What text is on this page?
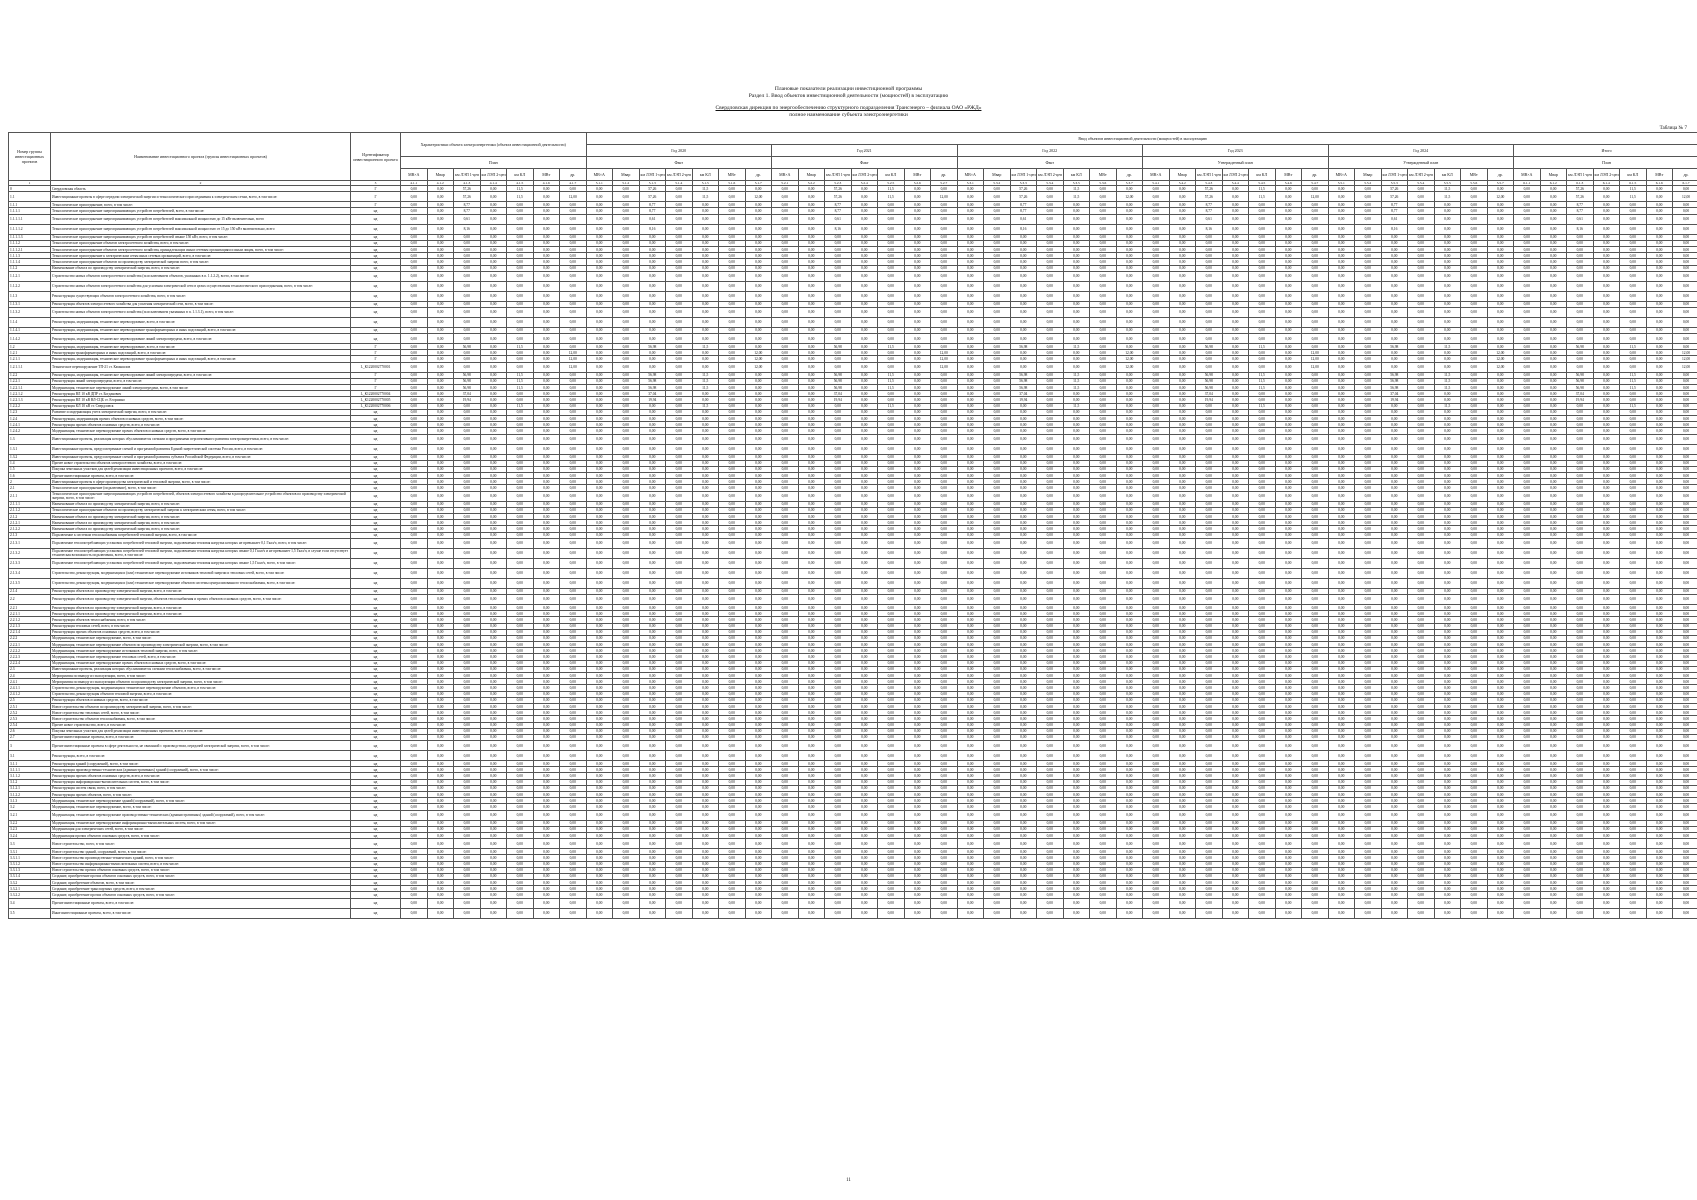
Плановые показатели реализации инвестиционной программы
Раздел 1. Ввод объектов инвестиционной деятельности (мощностей) в эксплуатацию
Свердловская дирекция по энергообеспечению структурного подразделения Трансэнерго – филиала ОАО «РЖД»
полное наименование субъекта электроэнергетики
Таблица № 7
Номер группы инвестиционных проектов	Наименование инвестиционного проекта (группы инвестиционных проектов)	Идентификатор инвестиционного проекта	Характеристики объекта электроэнергетики (объекта инвестиционной деятельности)							Ввод объектов инвестиционной деятельности (мощностей) в эксплуатацию																																									
										Год 2020							Год 2021							Год 2022							Год 2023							Год 2024							Итого						
			План							Факт							Факт							Факт							Утвержденный план							Утвержденный план							План						
			МВ×А	Мвар	км ЛЭП 1-цеп	км ЛЭП 2-цеп	км КЛ	МВт	др.	МВ×А	Мвар	км ЛЭП 1-цеп	км ЛЭП 2-цеп	км КЛ	МВт	др.	МВ×А	Мвар	км ЛЭП 1-цеп	км ЛЭП 2-цеп	км КЛ	МВт	др.	МВ×А	Мвар	км ЛЭП 1-цеп	км ЛЭП 2-цеп	км КЛ	МВт	др.	МВ×А	Мвар	км ЛЭП 1-цеп	км ЛЭП 2-цеп	км КЛ	МВт	др.	МВ×А	Мвар	км ЛЭП 1-цеп	км ЛЭП 2-цеп	км КЛ	МВт	др.	МВ×А	Мвар	км ЛЭП 1-цеп	км ЛЭП 2-цеп	км КЛ	МВт	др.
1	2	3	4.1.1	4.1.2	4.1.3	4.1.4	4.1.5	4.1.6	4.1.7	5.1.1	5.1.2	5.1.3	5.1.4	5.1.5	5.1.6	5.1.7	5.2.1	5.2.2	5.2.3	5.2.4	5.2.5	5.2.6	5.2.7	5.3.1	5.3.2	5.3.3	5.3.4	5.3.5	5.3.6	5.3.7	5.4.1	5.4.2	5.4.3	5.4.4	5.4.5	5.4.6	5.4.7	5.5.1	5.5.2	5.5.3	5.5.4	5.5.5	5.5.6	5.5.7	6.1.1	6.1.2	6.1.3	6.1.4	6.1.5	6.1.6	6.1.7
0	Свердловская область	Г	0,00	0,00	57,26	0,00	11,5	0,00	0,00	0,00	0,00	57,26	0,00	11,5	0,00	0,00	0,00	0,00	57,26	0,00	11,5	0,00	0,00	0,00	0,00	57,26	0,00	11,5	0,00	0,00	0,00	0,00	57,26	0,00	11,5	0,00	0,00	0,00	0,00	57,26	0,00	11,5	0,00	0,00	0,00	0,00	57,26	0,00	11,5	0,00	0,00
1.1	Инвестиционные проекты в сфере передачи электрической энергии и технологического присоединения к электрическим сетям, всего, в том числе:	Г	0,00	0,00	57,26	0,00	11,5	0,00	12,00	0,00	0,00	57,26	0,00	11,5	0,00	12,00	0,00	0,00	57,26	0,00	11,5	0,00	12,00	0,00	0,00	57,26	0,00	11,5	0,00	12,00	0,00	0,00	57,26	0,00	11,5	0,00	12,00	0,00	0,00	57,26	0,00	11,5	0,00	12,00	0,00	0,00	57,26	0,00	11,5	0,00	12,00
1.1.1	Технологическое присоединение, всего, в том числе:	Г	0,00	0,00	8,77	0,00	0,00	0,00	0,00	0,00	0,00	8,77	0,00	0,00	0,00	0,00	0,00	0,00	8,77	0,00	0,00	0,00	0,00	0,00	0,00	8,77	0,00	0,00	0,00	0,00	0,00	0,00	8,77	0,00	0,00	0,00	0,00	0,00	0,00	8,77	0,00	0,00	0,00	0,00	0,00	0,00	8,77	0,00	0,00	0,00	0,00
1.1.1.1	Технологическое присоединение энергопринимающих устройств потребителей, всего, в том числе:	нд	0,00	0,00	8,77	0,00	0,00	0,00	0,00	0,00	0,00	8,77	0,00	0,00	0,00	0,00	0,00	0,00	8,77	0,00	0,00	0,00	0,00	0,00	0,00	8,77	0,00	0,00	0,00	0,00	0,00	0,00	8,77	0,00	0,00	0,00	0,00	0,00	0,00	8,77	0,00	0,00	0,00	0,00	0,00	0,00	8,77	0,00	0,00	0,00	0,00
1.1.1.1.1	Технологическое присоединение энергопринимающих устройств потребителей максимальной мощностью до 15 кВт включительно, всего	нд	0,00	0,00	0,61	0,00	0,00	0,00	0,00	0,00	0,00	0,61	0,00	0,00	0,00	0,00	0,00	0,00	0,61	0,00	0,00	0,00	0,00	0,00	0,00	0,61	0,00	0,00	0,00	0,00	0,00	0,00	0,61	0,00	0,00	0,00	0,00	0,00	0,00	0,61	0,00	0,00	0,00	0,00	0,00	0,00	0,61	0,00	0,00	0,00	0,00
1.1.1.1.2	Технологическое присоединение энергопринимающих устройств потребителей максимальной мощностью от 15 до 150 кВт включительно, всего	нд	0,00	0,00	8,16	0,00	0,00	0,00	0,00	0,00	0,00	8,16	0,00	0,00	0,00	0,00	0,00	0,00	8,16	0,00	0,00	0,00	0,00	0,00	0,00	8,16	0,00	0,00	0,00	0,00	0,00	0,00	8,16	0,00	0,00	0,00	0,00	0,00	0,00	8,16	0,00	0,00	0,00	0,00	0,00	0,00	8,16	0,00	0,00	0,00	0,00
1.1.1.1.3	Технологическое присоединение энергопринимающих устройств потребителей свыше 150 кВт, всего, в том числе:	нд	0,00	0,00	0,00	0,00	0,00	0,00	0,00	0,00	0,00	0,00	0,00	0,00	0,00	0,00	0,00	0,00	0,00	0,00	0,00	0,00	0,00	0,00	0,00	0,00	0,00	0,00	0,00	0,00	0,00	0,00	0,00	0,00	0,00	0,00	0,00	0,00	0,00	0,00	0,00	0,00	0,00	0,00	0,00	0,00	0,00	0,00	0,00	0,00	0,00
1.1.1.2	Технологическое присоединение объектов электросетевого хозяйства, всего, в том числе:	нд	0,00	0,00	0,00	0,00	0,00	0,00	0,00	0,00	0,00	0,00	0,00	0,00	0,00	0,00	0,00	0,00	0,00	0,00	0,00	0,00	0,00	0,00	0,00	0,00	0,00	0,00	0,00	0,00	0,00	0,00	0,00	0,00	0,00	0,00	0,00	0,00	0,00	0,00	0,00	0,00	0,00	0,00	0,00	0,00	0,00	0,00	0,00	0,00	0,00
1.1.1.2.1	Технологическое присоединение объектов электросетевого хозяйства, принадлежащих иным сетевым организациям и иным лицам, всего, в том числе:	нд	0,00	0,00	0,00	0,00	0,00	0,00	0,00	0,00	0,00	0,00	0,00	0,00	0,00	0,00	0,00	0,00	0,00	0,00	0,00	0,00	0,00	0,00	0,00	0,00	0,00	0,00	0,00	0,00	0,00	0,00	0,00	0,00	0,00	0,00	0,00	0,00	0,00	0,00	0,00	0,00	0,00	0,00	0,00	0,00	0,00	0,00	0,00	0,00	0,00
1.1.1.3	Технологическое присоединение к электрическим сетям иных сетевых организаций, всего, в том числе:	нд	0,00	0,00	0,00	0,00	0,00	0,00	0,00	0,00	0,00	0,00	0,00	0,00	0,00	0,00	0,00	0,00	0,00	0,00	0,00	0,00	0,00	0,00	0,00	0,00	0,00	0,00	0,00	0,00	0,00	0,00	0,00	0,00	0,00	0,00	0,00	0,00	0,00	0,00	0,00	0,00	0,00	0,00	0,00	0,00	0,00	0,00	0,00	0,00	0,00
1.1.1.4	Технологическое присоединение объектов по производству электрической энергии всего, в том числе:	нд	0,00	0,00	0,00	0,00	0,00	0,00	0,00	0,00	0,00	0,00	0,00	0,00	0,00	0,00	0,00	0,00	0,00	0,00	0,00	0,00	0,00	0,00	0,00	0,00	0,00	0,00	0,00	0,00	0,00	0,00	0,00	0,00	0,00	0,00	0,00	0,00	0,00	0,00	0,00	0,00	0,00	0,00	0,00	0,00	0,00	0,00	0,00	0,00	0,00
1.1.2	Наименование объекта по производству электрической энергии, всего, в том числе:	нд	0,00	0,00	0,00	0,00	0,00	0,00	0,00	0,00	0,00	0,00	0,00	0,00	0,00	0,00	0,00	0,00	0,00	0,00	0,00	0,00	0,00	0,00	0,00	0,00	0,00	0,00	0,00	0,00	0,00	0,00	0,00	0,00	0,00	0,00	0,00	0,00	0,00	0,00	0,00	0,00	0,00	0,00	0,00	0,00	0,00	0,00	0,00	0,00	0,00
1.1.2.1	Строительство новых объектов электросетевого хозяйства (за исключением объектов, указанных в п. 1.1.2.2), всего, в том числе:	нд	0,00	0,00	0,00	0,00	0,00	0,00	0,00	0,00	0,00	0,00	0,00	0,00	0,00	0,00	0,00	0,00	0,00	0,00	0,00	0,00	0,00	0,00	0,00	0,00	0,00	0,00	0,00	0,00	0,00	0,00	0,00	0,00	0,00	0,00	0,00	0,00	0,00	0,00	0,00	0,00	0,00	0,00	0,00	0,00	0,00	0,00	0,00	0,00	0,00
1.1.2.2	Строительство новых объектов электросетевого хозяйства для усиления электрической сети в целях осуществления технологического присоединения, всего, в том числе:	нд	0,00	0,00	0,00	0,00	0,00	0,00	0,00	0,00	0,00	0,00	0,00	0,00	0,00	0,00	0,00	0,00	0,00	0,00	0,00	0,00	0,00	0,00	0,00	0,00	0,00	0,00	0,00	0,00	0,00	0,00	0,00	0,00	0,00	0,00	0,00	0,00	0,00	0,00	0,00	0,00	0,00	0,00	0,00	0,00	0,00	0,00	0,00	0,00	0,00
1.1.3	Реконструкция существующих объектов электросетевого хозяйства, всего, в том числе:	нд	0,00	0,00	0,00	0,00	0,00	0,00	0,00	0,00	0,00	0,00	0,00	0,00	0,00	0,00	0,00	0,00	0,00	0,00	0,00	0,00	0,00	0,00	0,00	0,00	0,00	0,00	0,00	0,00	0,00	0,00	0,00	0,00	0,00	0,00	0,00	0,00	0,00	0,00	0,00	0,00	0,00	0,00	0,00	0,00	0,00	0,00	0,00	0,00	0,00
1.1.3.1	Реконструкция объектов электросетевого хозяйства для усиления электрической сети, всего, в том числе:	нд	0,00	0,00	0,00	0,00	0,00	0,00	0,00	0,00	0,00	0,00	0,00	0,00	0,00	0,00	0,00	0,00	0,00	0,00	0,00	0,00	0,00	0,00	0,00	0,00	0,00	0,00	0,00	0,00	0,00	0,00	0,00	0,00	0,00	0,00	0,00	0,00	0,00	0,00	0,00	0,00	0,00	0,00	0,00	0,00	0,00	0,00	0,00	0,00	0,00
1.1.3.2	Строительство новых объектов электросетевого хозяйства (за исключением указанных в п. 1.1.3.1), всего, в том числе:	нд	0,00	0,00	0,00	0,00	0,00	0,00	0,00	0,00	0,00	0,00	0,00	0,00	0,00	0,00	0,00	0,00	0,00	0,00	0,00	0,00	0,00	0,00	0,00	0,00	0,00	0,00	0,00	0,00	0,00	0,00	0,00	0,00	0,00	0,00	0,00	0,00	0,00	0,00	0,00	0,00	0,00	0,00	0,00	0,00	0,00	0,00	0,00	0,00	0,00
1.1.4	Реконструкция, модернизация, техническое перевооружение, всего, в том числе:	нд	0,00	0,00	0,00	0,00	0,00	0,00	0,00	0,00	0,00	0,00	0,00	0,00	0,00	0,00	0,00	0,00	0,00	0,00	0,00	0,00	0,00	0,00	0,00	0,00	0,00	0,00	0,00	0,00	0,00	0,00	0,00	0,00	0,00	0,00	0,00	0,00	0,00	0,00	0,00	0,00	0,00	0,00	0,00	0,00	0,00	0,00	0,00	0,00	0,00
1.1.4.1	Реконструкция, модернизация, техническое перевооружение трансформаторных и иных подстанций, всего, в том числе:	нд	0,00	0,00	0,00	0,00	0,00	0,00	0,00	0,00	0,00	0,00	0,00	0,00	0,00	0,00	0,00	0,00	0,00	0,00	0,00	0,00	0,00	0,00	0,00	0,00	0,00	0,00	0,00	0,00	0,00	0,00	0,00	0,00	0,00	0,00	0,00	0,00	0,00	0,00	0,00	0,00	0,00	0,00	0,00	0,00	0,00	0,00	0,00	0,00	0,00
1.1.4.2	Реконструкция, модернизация, техническое перевооружение линий электропередачи, всего, в том числе:	нд	0,00	0,00	0,00	0,00	0,00	0,00	0,00	0,00	0,00	0,00	0,00	0,00	0,00	0,00	0,00	0,00	0,00	0,00	0,00	0,00	0,00	0,00	0,00	0,00	0,00	0,00	0,00	0,00	0,00	0,00	0,00	0,00	0,00	0,00	0,00	0,00	0,00	0,00	0,00	0,00	0,00	0,00	0,00	0,00	0,00	0,00	0,00	0,00	0,00
1.2	Реконструкция, модернизация, техническое перевооружение, всего, в том числе:	Г	0,00	0,00	56,98	0,00	11,5	0,00	0,00	0,00	0,00	56,98	0,00	11,5	0,00	0,00	0,00	0,00	56,98	0,00	11,5	0,00	0,00	0,00	0,00	56,98	0,00	11,5	0,00	0,00	0,00	0,00	56,98	0,00	11,5	0,00	0,00	0,00	0,00	56,98	0,00	11,5	0,00	0,00	0,00	0,00	56,98	0,00	11,5	0,00	0,00
1.2.1	Реконструкция трансформаторных и иных подстанций, всего, в том числе:	Г	0,00	0,00	0,00	0,00	0,00	0,00	12,00	0,00	0,00	0,00	0,00	0,00	0,00	12,00	0,00	0,00	0,00	0,00	0,00	0,00	12,00	0,00	0,00	0,00	0,00	0,00	0,00	12,00	0,00	0,00	0,00	0,00	0,00	0,00	12,00	0,00	0,00	0,00	0,00	0,00	0,00	12,00	0,00	0,00	0,00	0,00	0,00	0,00	12,00
1.2.1.1	Реконструкция, модернизация, техническое перевооружение трансформаторных и иных подстанций, всего, в том числе:	Г	0,00	0,00	0,00	0,00	0,00	0,00	12,00	0,00	0,00	0,00	0,00	0,00	0,00	12,00	0,00	0,00	0,00	0,00	0,00	0,00	12,00	0,00	0,00	0,00	0,00	0,00	0,00	12,00	0,00	0,00	0,00	0,00	0,00	0,00	12,00	0,00	0,00	0,00	0,00	0,00	0,00	12,00	0,00	0,00	0,00	0,00	0,00	0,00	12,00
1.2.1.1.1	Техническое перевооружение ТП-21 ст. Камышлов	L_К1220002770001	0,00	0,00	0,00	0,00	0,00	0,00	12,00	0,00	0,00	0,00	0,00	0,00	0,00	12,00	0,00	0,00	0,00	0,00	0,00	0,00	12,00	0,00	0,00	0,00	0,00	0,00	0,00	12,00	0,00	0,00	0,00	0,00	0,00	0,00	12,00	0,00	0,00	0,00	0,00	0,00	0,00	12,00	0,00	0,00	0,00	0,00	0,00	0,00	12,00
1.2.2	Реконструкция, модернизация, техническое перевооружение линий электропередачи, всего, в том числе:	Г	0,00	0,00	56,98	0,00	11,5	0,00	0,00	0,00	0,00	56,98	0,00	11,5	0,00	0,00	0,00	0,00	56,98	0,00	11,5	0,00	0,00	0,00	0,00	56,98	0,00	11,5	0,00	0,00	0,00	0,00	56,98	0,00	11,5	0,00	0,00	0,00	0,00	56,98	0,00	11,5	0,00	0,00	0,00	0,00	56,98	0,00	11,5	0,00	0,00
1.2.2.1	Реконструкция линий электропередачи, всего, в том числе:	Г	0,00	0,00	56,98	0,00	11,5	0,00	0,00	0,00	0,00	56,98	0,00	11,5	0,00	0,00	0,00	0,00	56,98	0,00	11,5	0,00	0,00	0,00	0,00	56,98	0,00	11,5	0,00	0,00	0,00	0,00	56,98	0,00	11,5	0,00	0,00	0,00	0,00	56,98	0,00	11,5	0,00	0,00	0,00	0,00	56,98	0,00	11,5	0,00	0,00
1.2.2.1.1	Модернизация, техническое перевооружение линий электропередачи, всего, в том числе:	Г	0,00	0,00	56,98	0,00	11,5	0,00	0,00	0,00	0,00	56,98	0,00	11,5	0,00	0,00	0,00	0,00	56,98	0,00	11,5	0,00	0,00	0,00	0,00	56,98	0,00	11,5	0,00	0,00	0,00	0,00	56,98	0,00	11,5	0,00	0,00	0,00	0,00	56,98	0,00	11,5	0,00	0,00	0,00	0,00	56,98	0,00	11,5	0,00	0,00
1.2.2.1.2	Реконструкция ВЛ 10 кВ ДПР ст. Богданович	L_К1220002770004	0,00	0,00	37,04	0,00	0,00	0,00	0,00	0,00	0,00	37,04	0,00	0,00	0,00	0,00	0,00	0,00	37,04	0,00	0,00	0,00	0,00	0,00	0,00	37,04	0,00	0,00	0,00	0,00	0,00	0,00	37,04	0,00	0,00	0,00	0,00	0,00	0,00	37,04	0,00	0,00	0,00	0,00	0,00	0,00	37,04	0,00	0,00	0,00	0,00
1.2.2.1.3	Реконструкция ВЛ 10 кВ ВЛ-СЦБ ст. Егоршино	L_К1220002770005	0,00	0,00	19,94	0,00	0,00	0,00	0,00	0,00	0,00	19,94	0,00	0,00	0,00	0,00	0,00	0,00	19,94	0,00	0,00	0,00	0,00	0,00	0,00	19,94	0,00	0,00	0,00	0,00	0,00	0,00	19,94	0,00	0,00	0,00	0,00	0,00	0,00	19,94	0,00	0,00	0,00	0,00	0,00	0,00	19,94	0,00	0,00	0,00	0,00
1.2.2.2	Реконструкция КЛ 10 кВ ст. Свердловск	L_К1220002770006	0,00	0,00	0,00	0,00	11,5	0,00	0,00	0,00	0,00	0,00	0,00	11,5	0,00	0,00	0,00	0,00	0,00	0,00	11,5	0,00	0,00	0,00	0,00	0,00	0,00	11,5	0,00	0,00	0,00	0,00	0,00	0,00	11,5	0,00	0,00	0,00	0,00	0,00	0,00	11,5	0,00	0,00	0,00	0,00	0,00	0,00	11,5	0,00	0,00
1.2.3	Развитие и модернизация учета электрической энергии, всего, в том числе:	нд	0,00	0,00	0,00	0,00	0,00	0,00	0,00	0,00	0,00	0,00	0,00	0,00	0,00	0,00	0,00	0,00	0,00	0,00	0,00	0,00	0,00	0,00	0,00	0,00	0,00	0,00	0,00	0,00	0,00	0,00	0,00	0,00	0,00	0,00	0,00	0,00	0,00	0,00	0,00	0,00	0,00	0,00	0,00	0,00	0,00	0,00	0,00	0,00	0,00
1.2.4	Реконструкция, модернизация прочих объектов основных средств, всего, в том числе:	нд	0,00	0,00	0,00	0,00	0,00	0,00	0,00	0,00	0,00	0,00	0,00	0,00	0,00	0,00	0,00	0,00	0,00	0,00	0,00	0,00	0,00	0,00	0,00	0,00	0,00	0,00	0,00	0,00	0,00	0,00	0,00	0,00	0,00	0,00	0,00	0,00	0,00	0,00	0,00	0,00	0,00	0,00	0,00	0,00	0,00	0,00	0,00	0,00	0,00
1.2.4.1	Реконструкция прочих объектов основных средств, всего, в том числе:	нд	0,00	0,00	0,00	0,00	0,00	0,00	0,00	0,00	0,00	0,00	0,00	0,00	0,00	0,00	0,00	0,00	0,00	0,00	0,00	0,00	0,00	0,00	0,00	0,00	0,00	0,00	0,00	0,00	0,00	0,00	0,00	0,00	0,00	0,00	0,00	0,00	0,00	0,00	0,00	0,00	0,00	0,00	0,00	0,00	0,00	0,00	0,00	0,00	0,00
1.2.4.2	Модернизация, техническое перевооружение прочих объектов основных средств, всего, в том числе:	нд	0,00	0,00	0,00	0,00	0,00	0,00	0,00	0,00	0,00	0,00	0,00	0,00	0,00	0,00	0,00	0,00	0,00	0,00	0,00	0,00	0,00	0,00	0,00	0,00	0,00	0,00	0,00	0,00	0,00	0,00	0,00	0,00	0,00	0,00	0,00	0,00	0,00	0,00	0,00	0,00	0,00	0,00	0,00	0,00	0,00	0,00	0,00	0,00	0,00
1.3	Инвестиционные проекты, реализация которых обуславливается схемами и программами перспективного развития электроэнергетики, всего, в том числе:	нд	0,00	0,00	0,00	0,00	0,00	0,00	0,00	0,00	0,00	0,00	0,00	0,00	0,00	0,00	0,00	0,00	0,00	0,00	0,00	0,00	0,00	0,00	0,00	0,00	0,00	0,00	0,00	0,00	0,00	0,00	0,00	0,00	0,00	0,00	0,00	0,00	0,00	0,00	0,00	0,00	0,00	0,00	0,00	0,00	0,00	0,00	0,00	0,00	0,00
1.3.1	Инвестиционные проекты, предусмотренные схемой и программой развития Единой энергетической системы России, всего, в том числе:	нд	0,00	0,00	0,00	0,00	0,00	0,00	0,00	0,00	0,00	0,00	0,00	0,00	0,00	0,00	0,00	0,00	0,00	0,00	0,00	0,00	0,00	0,00	0,00	0,00	0,00	0,00	0,00	0,00	0,00	0,00	0,00	0,00	0,00	0,00	0,00	0,00	0,00	0,00	0,00	0,00	0,00	0,00	0,00	0,00	0,00	0,00	0,00	0,00	0,00
1.3.2	Инвестиционные проекты, предусмотренные схемой и программой развития субъекта Российской Федерации, всего, в том числе:	нд	0,00	0,00	0,00	0,00	0,00	0,00	0,00	0,00	0,00	0,00	0,00	0,00	0,00	0,00	0,00	0,00	0,00	0,00	0,00	0,00	0,00	0,00	0,00	0,00	0,00	0,00	0,00	0,00	0,00	0,00	0,00	0,00	0,00	0,00	0,00	0,00	0,00	0,00	0,00	0,00	0,00	0,00	0,00	0,00	0,00	0,00	0,00	0,00	0,00
1.4	Прочее новое строительство объектов электросетевого хозяйства, всего, в том числе:	нд	0,00	0,00	0,00	0,00	0,00	0,00	0,00	0,00	0,00	0,00	0,00	0,00	0,00	0,00	0,00	0,00	0,00	0,00	0,00	0,00	0,00	0,00	0,00	0,00	0,00	0,00	0,00	0,00	0,00	0,00	0,00	0,00	0,00	0,00	0,00	0,00	0,00	0,00	0,00	0,00	0,00	0,00	0,00	0,00	0,00	0,00	0,00	0,00	0,00
1.5	Покупка земельных участков для целей реализации инвестиционных проектов, всего, в том числе:	нд	0,00	0,00	0,00	0,00	0,00	0,00	0,00	0,00	0,00	0,00	0,00	0,00	0,00	0,00	0,00	0,00	0,00	0,00	0,00	0,00	0,00	0,00	0,00	0,00	0,00	0,00	0,00	0,00	0,00	0,00	0,00	0,00	0,00	0,00	0,00	0,00	0,00	0,00	0,00	0,00	0,00	0,00	0,00	0,00	0,00	0,00	0,00	0,00	0,00
1.6	Прочие инвестиционные проекты, всего, в том числе:	нд	0,00	0,00	0,00	0,00	0,00	0,00	0,00	0,00	0,00	0,00	0,00	0,00	0,00	0,00	0,00	0,00	0,00	0,00	0,00	0,00	0,00	0,00	0,00	0,00	0,00	0,00	0,00	0,00	0,00	0,00	0,00	0,00	0,00	0,00	0,00	0,00	0,00	0,00	0,00	0,00	0,00	0,00	0,00	0,00	0,00	0,00	0,00	0,00	0,00
2	Инвестиционные проекты в сфере производства электрической и тепловой энергии, всего, в том числе:	нд	0,00	0,00	0,00	0,00	0,00	0,00	0,00	0,00	0,00	0,00	0,00	0,00	0,00	0,00	0,00	0,00	0,00	0,00	0,00	0,00	0,00	0,00	0,00	0,00	0,00	0,00	0,00	0,00	0,00	0,00	0,00	0,00	0,00	0,00	0,00	0,00	0,00	0,00	0,00	0,00	0,00	0,00	0,00	0,00	0,00	0,00	0,00	0,00	0,00
2.1	Технологическое присоединение (подключение), всего, в том числе:	нд	0,00	0,00	0,00	0,00	0,00	0,00	0,00	0,00	0,00	0,00	0,00	0,00	0,00	0,00	0,00	0,00	0,00	0,00	0,00	0,00	0,00	0,00	0,00	0,00	0,00	0,00	0,00	0,00	0,00	0,00	0,00	0,00	0,00	0,00	0,00	0,00	0,00	0,00	0,00	0,00	0,00	0,00	0,00	0,00	0,00	0,00	0,00	0,00	0,00
2.1.1	Технологическое присоединение энергопринимающих устройств потребителей, объектов электросетевого хозяйства в распределительное устройство объектов по производству электрической энергии, всего, в том числе:	нд	0,00	0,00	0,00	0,00	0,00	0,00	0,00	0,00	0,00	0,00	0,00	0,00	0,00	0,00	0,00	0,00	0,00	0,00	0,00	0,00	0,00	0,00	0,00	0,00	0,00	0,00	0,00	0,00	0,00	0,00	0,00	0,00	0,00	0,00	0,00	0,00	0,00	0,00	0,00	0,00	0,00	0,00	0,00	0,00	0,00	0,00	0,00	0,00	0,00
2.1.1.1	Наименование объекта по производству электрической энергии, всего, в том числе:	нд	0,00	0,00	0,00	0,00	0,00	0,00	0,00	0,00	0,00	0,00	0,00	0,00	0,00	0,00	0,00	0,00	0,00	0,00	0,00	0,00	0,00	0,00	0,00	0,00	0,00	0,00	0,00	0,00	0,00	0,00	0,00	0,00	0,00	0,00	0,00	0,00	0,00	0,00	0,00	0,00	0,00	0,00	0,00	0,00	0,00	0,00	0,00	0,00	0,00
2.1.1.2	Технологическое присоединение объектов по производству электрической энергии к электрическим сетям, всего, в том числе:	нд	0,00	0,00	0,00	0,00	0,00	0,00	0,00	0,00	0,00	0,00	0,00	0,00	0,00	0,00	0,00	0,00	0,00	0,00	0,00	0,00	0,00	0,00	0,00	0,00	0,00	0,00	0,00	0,00	0,00	0,00	0,00	0,00	0,00	0,00	0,00	0,00	0,00	0,00	0,00	0,00	0,00	0,00	0,00	0,00	0,00	0,00	0,00	0,00	0,00
2.1.2	Наименование объекта по производству электрической энергии, всего, в том числе:	нд	0,00	0,00	0,00	0,00	0,00	0,00	0,00	0,00	0,00	0,00	0,00	0,00	0,00	0,00	0,00	0,00	0,00	0,00	0,00	0,00	0,00	0,00	0,00	0,00	0,00	0,00	0,00	0,00	0,00	0,00	0,00	0,00	0,00	0,00	0,00	0,00	0,00	0,00	0,00	0,00	0,00	0,00	0,00	0,00	0,00	0,00	0,00	0,00	0,00
2.1.2.1	Наименование объекта по производству электрической энергии, всего, в том числе:	нд	0,00	0,00	0,00	0,00	0,00	0,00	0,00	0,00	0,00	0,00	0,00	0,00	0,00	0,00	0,00	0,00	0,00	0,00	0,00	0,00	0,00	0,00	0,00	0,00	0,00	0,00	0,00	0,00	0,00	0,00	0,00	0,00	0,00	0,00	0,00	0,00	0,00	0,00	0,00	0,00	0,00	0,00	0,00	0,00	0,00	0,00	0,00	0,00	0,00
2.1.2.2	Наименование объекта по производству электрической энергии, всего, в том числе:	нд	0,00	0,00	0,00	0,00	0,00	0,00	0,00	0,00	0,00	0,00	0,00	0,00	0,00	0,00	0,00	0,00	0,00	0,00	0,00	0,00	0,00	0,00	0,00	0,00	0,00	0,00	0,00	0,00	0,00	0,00	0,00	0,00	0,00	0,00	0,00	0,00	0,00	0,00	0,00	0,00	0,00	0,00	0,00	0,00	0,00	0,00	0,00	0,00	0,00
2.1.3	Подключение к системам теплоснабжения потребителей тепловой энергии, всего, в том числе:	нд	0,00	0,00	0,00	0,00	0,00	0,00	0,00	0,00	0,00	0,00	0,00	0,00	0,00	0,00	0,00	0,00	0,00	0,00	0,00	0,00	0,00	0,00	0,00	0,00	0,00	0,00	0,00	0,00	0,00	0,00	0,00	0,00	0,00	0,00	0,00	0,00	0,00	0,00	0,00	0,00	0,00	0,00	0,00	0,00	0,00	0,00	0,00	0,00	0,00
2.1.3.1	Подключение теплопотребляющих установок потребителей тепловой энергии, подключаемая тепловая нагрузка которых не превышает 0,1 Гкал/ч, всего, в том числе:	нд	0,00	0,00	0,00	0,00	0,00	0,00	0,00	0,00	0,00	0,00	0,00	0,00	0,00	0,00	0,00	0,00	0,00	0,00	0,00	0,00	0,00	0,00	0,00	0,00	0,00	0,00	0,00	0,00	0,00	0,00	0,00	0,00	0,00	0,00	0,00	0,00	0,00	0,00	0,00	0,00	0,00	0,00	0,00	0,00	0,00	0,00	0,00	0,00	0,00
2.1.3.2	Подключение теплопотребляющих установок потребителей тепловой энергии, подключаемая тепловая нагрузка которых свыше 0,1 Гкал/ч и не превышает 1,5 Гкал/ч, в случае если отсутствует техническая возможность подключения, всего, в том числе:	нд	0,00	0,00	0,00	0,00	0,00	0,00	0,00	0,00	0,00	0,00	0,00	0,00	0,00	0,00	0,00	0,00	0,00	0,00	0,00	0,00	0,00	0,00	0,00	0,00	0,00	0,00	0,00	0,00	0,00	0,00	0,00	0,00	0,00	0,00	0,00	0,00	0,00	0,00	0,00	0,00	0,00	0,00	0,00	0,00	0,00	0,00	0,00	0,00	0,00
2.1.3.3	Подключение теплопотребляющих установок потребителей тепловой энергии, подключаемая тепловая нагрузка которых свыше 1,5 Гкал/ч, всего, в том числе:	нд	0,00	0,00	0,00	0,00	0,00	0,00	0,00	0,00	0,00	0,00	0,00	0,00	0,00	0,00	0,00	0,00	0,00	0,00	0,00	0,00	0,00	0,00	0,00	0,00	0,00	0,00	0,00	0,00	0,00	0,00	0,00	0,00	0,00	0,00	0,00	0,00	0,00	0,00	0,00	0,00	0,00	0,00	0,00	0,00	0,00	0,00	0,00	0,00	0,00
2.1.3.4	Строительство, реконструкция, модернизация и (или) техническое перевооружение источников тепловой энергии и тепловых сетей, всего, в том числе:	нд	0,00	0,00	0,00	0,00	0,00	0,00	0,00	0,00	0,00	0,00	0,00	0,00	0,00	0,00	0,00	0,00	0,00	0,00	0,00	0,00	0,00	0,00	0,00	0,00	0,00	0,00	0,00	0,00	0,00	0,00	0,00	0,00	0,00	0,00	0,00	0,00	0,00	0,00	0,00	0,00	0,00	0,00	0,00	0,00	0,00	0,00	0,00	0,00	0,00
2.1.3.5	Строительство, реконструкция, модернизация и (или) техническое перевооружение объектов системы централизованного теплоснабжения, всего, в том числе:	нд	0,00	0,00	0,00	0,00	0,00	0,00	0,00	0,00	0,00	0,00	0,00	0,00	0,00	0,00	0,00	0,00	0,00	0,00	0,00	0,00	0,00	0,00	0,00	0,00	0,00	0,00	0,00	0,00	0,00	0,00	0,00	0,00	0,00	0,00	0,00	0,00	0,00	0,00	0,00	0,00	0,00	0,00	0,00	0,00	0,00	0,00	0,00	0,00	0,00
2.1.4	Реконструкция объектов по производству электрической энергии, всего, в том числе:	нд	0,00	0,00	0,00	0,00	0,00	0,00	0,00	0,00	0,00	0,00	0,00	0,00	0,00	0,00	0,00	0,00	0,00	0,00	0,00	0,00	0,00	0,00	0,00	0,00	0,00	0,00	0,00	0,00	0,00	0,00	0,00	0,00	0,00	0,00	0,00	0,00	0,00	0,00	0,00	0,00	0,00	0,00	0,00	0,00	0,00	0,00	0,00	0,00	0,00
2.2	Реконструкция объектов по производству электрической энергии, объектов теплоснабжения и прочих объектов основных средств, всего, в том числе:	нд	0,00	0,00	0,00	0,00	0,00	0,00	0,00	0,00	0,00	0,00	0,00	0,00	0,00	0,00	0,00	0,00	0,00	0,00	0,00	0,00	0,00	0,00	0,00	0,00	0,00	0,00	0,00	0,00	0,00	0,00	0,00	0,00	0,00	0,00	0,00	0,00	0,00	0,00	0,00	0,00	0,00	0,00	0,00	0,00	0,00	0,00	0,00	0,00	0,00
2.2.1	Реконструкция объектов по производству электрической энергии, всего, в том числе:	нд	0,00	0,00	0,00	0,00	0,00	0,00	0,00	0,00	0,00	0,00	0,00	0,00	0,00	0,00	0,00	0,00	0,00	0,00	0,00	0,00	0,00	0,00	0,00	0,00	0,00	0,00	0,00	0,00	0,00	0,00	0,00	0,00	0,00	0,00	0,00	0,00	0,00	0,00	0,00	0,00	0,00	0,00	0,00	0,00	0,00	0,00	0,00	0,00	0,00
2.2.1.1	Реконструкция объектов по производству электрической энергии, всего, в том числе:	нд	0,00	0,00	0,00	0,00	0,00	0,00	0,00	0,00	0,00	0,00	0,00	0,00	0,00	0,00	0,00	0,00	0,00	0,00	0,00	0,00	0,00	0,00	0,00	0,00	0,00	0,00	0,00	0,00	0,00	0,00	0,00	0,00	0,00	0,00	0,00	0,00	0,00	0,00	0,00	0,00	0,00	0,00	0,00	0,00	0,00	0,00	0,00	0,00	0,00
2.2.1.2	Реконструкция объектов теплоснабжения, всего, в том числе:	нд	0,00	0,00	0,00	0,00	0,00	0,00	0,00	0,00	0,00	0,00	0,00	0,00	0,00	0,00	0,00	0,00	0,00	0,00	0,00	0,00	0,00	0,00	0,00	0,00	0,00	0,00	0,00	0,00	0,00	0,00	0,00	0,00	0,00	0,00	0,00	0,00	0,00	0,00	0,00	0,00	0,00	0,00	0,00	0,00	0,00	0,00	0,00	0,00	0,00
2.2.1.3	Реконструкция тепловых сетей, всего, в том числе:	нд	0,00	0,00	0,00	0,00	0,00	0,00	0,00	0,00	0,00	0,00	0,00	0,00	0,00	0,00	0,00	0,00	0,00	0,00	0,00	0,00	0,00	0,00	0,00	0,00	0,00	0,00	0,00	0,00	0,00	0,00	0,00	0,00	0,00	0,00	0,00	0,00	0,00	0,00	0,00	0,00	0,00	0,00	0,00	0,00	0,00	0,00	0,00	0,00	0,00
2.2.1.4	Реконструкция прочих объектов основных средств, всего, в том числе:	нд	0,00	0,00	0,00	0,00	0,00	0,00	0,00	0,00	0,00	0,00	0,00	0,00	0,00	0,00	0,00	0,00	0,00	0,00	0,00	0,00	0,00	0,00	0,00	0,00	0,00	0,00	0,00	0,00	0,00	0,00	0,00	0,00	0,00	0,00	0,00	0,00	0,00	0,00	0,00	0,00	0,00	0,00	0,00	0,00	0,00	0,00	0,00	0,00	0,00
2.2.2	Модернизация, техническое перевооружение, всего, в том числе:	нд	0,00	0,00	0,00	0,00	0,00	0,00	0,00	0,00	0,00	0,00	0,00	0,00	0,00	0,00	0,00	0,00	0,00	0,00	0,00	0,00	0,00	0,00	0,00	0,00	0,00	0,00	0,00	0,00	0,00	0,00	0,00	0,00	0,00	0,00	0,00	0,00	0,00	0,00	0,00	0,00	0,00	0,00	0,00	0,00	0,00	0,00	0,00	0,00	0,00
2.2.2.1	Модернизация, техническое перевооружение объектов по производству электрической энергии, всего, в том числе:	нд	0,00	0,00	0,00	0,00	0,00	0,00	0,00	0,00	0,00	0,00	0,00	0,00	0,00	0,00	0,00	0,00	0,00	0,00	0,00	0,00	0,00	0,00	0,00	0,00	0,00	0,00	0,00	0,00	0,00	0,00	0,00	0,00	0,00	0,00	0,00	0,00	0,00	0,00	0,00	0,00	0,00	0,00	0,00	0,00	0,00	0,00	0,00	0,00	0,00
2.2.2.2	Модернизация, техническое перевооружение источников тепловой энергии, всего, в том числе:	нд	0,00	0,00	0,00	0,00	0,00	0,00	0,00	0,00	0,00	0,00	0,00	0,00	0,00	0,00	0,00	0,00	0,00	0,00	0,00	0,00	0,00	0,00	0,00	0,00	0,00	0,00	0,00	0,00	0,00	0,00	0,00	0,00	0,00	0,00	0,00	0,00	0,00	0,00	0,00	0,00	0,00	0,00	0,00	0,00	0,00	0,00	0,00	0,00	0,00
2.2.2.3	Модернизация, техническое перевооружение тепловых сетей, всего, в том числе:	нд	0,00	0,00	0,00	0,00	0,00	0,00	0,00	0,00	0,00	0,00	0,00	0,00	0,00	0,00	0,00	0,00	0,00	0,00	0,00	0,00	0,00	0,00	0,00	0,00	0,00	0,00	0,00	0,00	0,00	0,00	0,00	0,00	0,00	0,00	0,00	0,00	0,00	0,00	0,00	0,00	0,00	0,00	0,00	0,00	0,00	0,00	0,00	0,00	0,00
2.2.2.4	Модернизация, техническое перевооружение прочих объектов основных средств, всего, в том числе:	нд	0,00	0,00	0,00	0,00	0,00	0,00	0,00	0,00	0,00	0,00	0,00	0,00	0,00	0,00	0,00	0,00	0,00	0,00	0,00	0,00	0,00	0,00	0,00	0,00	0,00	0,00	0,00	0,00	0,00	0,00	0,00	0,00	0,00	0,00	0,00	0,00	0,00	0,00	0,00	0,00	0,00	0,00	0,00	0,00	0,00	0,00	0,00	0,00	0,00
2.3	Инвестиционные проекты, реализация которых обуславливается схемами теплоснабжения, всего, в том числе:	нд	0,00	0,00	0,00	0,00	0,00	0,00	0,00	0,00	0,00	0,00	0,00	0,00	0,00	0,00	0,00	0,00	0,00	0,00	0,00	0,00	0,00	0,00	0,00	0,00	0,00	0,00	0,00	0,00	0,00	0,00	0,00	0,00	0,00	0,00	0,00	0,00	0,00	0,00	0,00	0,00	0,00	0,00	0,00	0,00	0,00	0,00	0,00	0,00	0,00
2.4	Мероприятия по выводу из эксплуатации, всего, в том числе:	нд	0,00	0,00	0,00	0,00	0,00	0,00	0,00	0,00	0,00	0,00	0,00	0,00	0,00	0,00	0,00	0,00	0,00	0,00	0,00	0,00	0,00	0,00	0,00	0,00	0,00	0,00	0,00	0,00	0,00	0,00	0,00	0,00	0,00	0,00	0,00	0,00	0,00	0,00	0,00	0,00	0,00	0,00	0,00	0,00	0,00	0,00	0,00	0,00	0,00
2.4.1	Мероприятия по выводу из эксплуатации объектов по производству электрической энергии, всего, в том числе:	нд	0,00	0,00	0,00	0,00	0,00	0,00	0,00	0,00	0,00	0,00	0,00	0,00	0,00	0,00	0,00	0,00	0,00	0,00	0,00	0,00	0,00	0,00	0,00	0,00	0,00	0,00	0,00	0,00	0,00	0,00	0,00	0,00	0,00	0,00	0,00	0,00	0,00	0,00	0,00	0,00	0,00	0,00	0,00	0,00	0,00	0,00	0,00	0,00	0,00
2.4.1.1	Строительство, реконструкция, модернизация и техническое перевооружение объектов, всего, в том числе:	нд	0,00	0,00	0,00	0,00	0,00	0,00	0,00	0,00	0,00	0,00	0,00	0,00	0,00	0,00	0,00	0,00	0,00	0,00	0,00	0,00	0,00	0,00	0,00	0,00	0,00	0,00	0,00	0,00	0,00	0,00	0,00	0,00	0,00	0,00	0,00	0,00	0,00	0,00	0,00	0,00	0,00	0,00	0,00	0,00	0,00	0,00	0,00	0,00	0,00
2.4.1.2	Строительство, реконструкция объектов тепловой энергии, всего, в том числе:	нд	0,00	0,00	0,00	0,00	0,00	0,00	0,00	0,00	0,00	0,00	0,00	0,00	0,00	0,00	0,00	0,00	0,00	0,00	0,00	0,00	0,00	0,00	0,00	0,00	0,00	0,00	0,00	0,00	0,00	0,00	0,00	0,00	0,00	0,00	0,00	0,00	0,00	0,00	0,00	0,00	0,00	0,00	0,00	0,00	0,00	0,00	0,00	0,00	0,00
2.5	Реконструкция объектов основных средств, всего, в том числе:	нд	0,00	0,00	0,00	0,00	0,00	0,00	0,00	0,00	0,00	0,00	0,00	0,00	0,00	0,00	0,00	0,00	0,00	0,00	0,00	0,00	0,00	0,00	0,00	0,00	0,00	0,00	0,00	0,00	0,00	0,00	0,00	0,00	0,00	0,00	0,00	0,00	0,00	0,00	0,00	0,00	0,00	0,00	0,00	0,00	0,00	0,00	0,00	0,00	0,00
2.5.1	Новое строительство объектов по производству электрической энергии, всего, в том числе:	нд	0,00	0,00	0,00	0,00	0,00	0,00	0,00	0,00	0,00	0,00	0,00	0,00	0,00	0,00	0,00	0,00	0,00	0,00	0,00	0,00	0,00	0,00	0,00	0,00	0,00	0,00	0,00	0,00	0,00	0,00	0,00	0,00	0,00	0,00	0,00	0,00	0,00	0,00	0,00	0,00	0,00	0,00	0,00	0,00	0,00	0,00	0,00	0,00	0,00
2.5.2	Новое строительство тепловых сетей, всего, в том числе:	нд	0,00	0,00	0,00	0,00	0,00	0,00	0,00	0,00	0,00	0,00	0,00	0,00	0,00	0,00	0,00	0,00	0,00	0,00	0,00	0,00	0,00	0,00	0,00	0,00	0,00	0,00	0,00	0,00	0,00	0,00	0,00	0,00	0,00	0,00	0,00	0,00	0,00	0,00	0,00	0,00	0,00	0,00	0,00	0,00	0,00	0,00	0,00	0,00	0,00
2.5.3	Новое строительство объектов теплоснабжения, всего, в том числе:	нд	0,00	0,00	0,00	0,00	0,00	0,00	0,00	0,00	0,00	0,00	0,00	0,00	0,00	0,00	0,00	0,00	0,00	0,00	0,00	0,00	0,00	0,00	0,00	0,00	0,00	0,00	0,00	0,00	0,00	0,00	0,00	0,00	0,00	0,00	0,00	0,00	0,00	0,00	0,00	0,00	0,00	0,00	0,00	0,00	0,00	0,00	0,00	0,00	0,00
2.5.4	Прочее новое строительство, всего, в том числе:	нд	0,00	0,00	0,00	0,00	0,00	0,00	0,00	0,00	0,00	0,00	0,00	0,00	0,00	0,00	0,00	0,00	0,00	0,00	0,00	0,00	0,00	0,00	0,00	0,00	0,00	0,00	0,00	0,00	0,00	0,00	0,00	0,00	0,00	0,00	0,00	0,00	0,00	0,00	0,00	0,00	0,00	0,00	0,00	0,00	0,00	0,00	0,00	0,00	0,00
2.6	Покупка земельных участков для целей реализации инвестиционных проектов, всего, в том числе:	нд	0,00	0,00	0,00	0,00	0,00	0,00	0,00	0,00	0,00	0,00	0,00	0,00	0,00	0,00	0,00	0,00	0,00	0,00	0,00	0,00	0,00	0,00	0,00	0,00	0,00	0,00	0,00	0,00	0,00	0,00	0,00	0,00	0,00	0,00	0,00	0,00	0,00	0,00	0,00	0,00	0,00	0,00	0,00	0,00	0,00	0,00	0,00	0,00	0,00
2.7	Прочие инвестиционные проекты, всего, в том числе:	нд	0,00	0,00	0,00	0,00	0,00	0,00	0,00	0,00	0,00	0,00	0,00	0,00	0,00	0,00	0,00	0,00	0,00	0,00	0,00	0,00	0,00	0,00	0,00	0,00	0,00	0,00	0,00	0,00	0,00	0,00	0,00	0,00	0,00	0,00	0,00	0,00	0,00	0,00	0,00	0,00	0,00	0,00	0,00	0,00	0,00	0,00	0,00	0,00	0,00
3	Прочие инвестиционные проекты в сфере деятельности, не связанной с производством, передачей электрической энергии, всего, в том числе:	нд	0,00	0,00	0,00	0,00	0,00	0,00	0,00	0,00	0,00	0,00	0,00	0,00	0,00	0,00	0,00	0,00	0,00	0,00	0,00	0,00	0,00	0,00	0,00	0,00	0,00	0,00	0,00	0,00	0,00	0,00	0,00	0,00	0,00	0,00	0,00	0,00	0,00	0,00	0,00	0,00	0,00	0,00	0,00	0,00	0,00	0,00	0,00	0,00	0,00
3.1	Реконструкция, всего, в том числе:	нд	0,00	0,00	0,00	0,00	0,00	0,00	0,00	0,00	0,00	0,00	0,00	0,00	0,00	0,00	0,00	0,00	0,00	0,00	0,00	0,00	0,00	0,00	0,00	0,00	0,00	0,00	0,00	0,00	0,00	0,00	0,00	0,00	0,00	0,00	0,00	0,00	0,00	0,00	0,00	0,00	0,00	0,00	0,00	0,00	0,00	0,00	0,00	0,00	0,00
3.1.1	Реконструкция зданий (сооружений), всего, в том числе:	нд	0,00	0,00	0,00	0,00	0,00	0,00	0,00	0,00	0,00	0,00	0,00	0,00	0,00	0,00	0,00	0,00	0,00	0,00	0,00	0,00	0,00	0,00	0,00	0,00	0,00	0,00	0,00	0,00	0,00	0,00	0,00	0,00	0,00	0,00	0,00	0,00	0,00	0,00	0,00	0,00	0,00	0,00	0,00	0,00	0,00	0,00	0,00	0,00	0,00
3.1.1.1	Реконструкция производственно-технических (административных) зданий (сооружений), всего, в том числе:	нд	0,00	0,00	0,00	0,00	0,00	0,00	0,00	0,00	0,00	0,00	0,00	0,00	0,00	0,00	0,00	0,00	0,00	0,00	0,00	0,00	0,00	0,00	0,00	0,00	0,00	0,00	0,00	0,00	0,00	0,00	0,00	0,00	0,00	0,00	0,00	0,00	0,00	0,00	0,00	0,00	0,00	0,00	0,00	0,00	0,00	0,00	0,00	0,00	0,00
3.1.1.2	Реконструкция прочих объектов основных средств, всего, в том числе:	нд	0,00	0,00	0,00	0,00	0,00	0,00	0,00	0,00	0,00	0,00	0,00	0,00	0,00	0,00	0,00	0,00	0,00	0,00	0,00	0,00	0,00	0,00	0,00	0,00	0,00	0,00	0,00	0,00	0,00	0,00	0,00	0,00	0,00	0,00	0,00	0,00	0,00	0,00	0,00	0,00	0,00	0,00	0,00	0,00	0,00	0,00	0,00	0,00	0,00
3.1.2	Реконструкция информационно-вычислительных систем, всего, в том числе:	нд	0,00	0,00	0,00	0,00	0,00	0,00	0,00	0,00	0,00	0,00	0,00	0,00	0,00	0,00	0,00	0,00	0,00	0,00	0,00	0,00	0,00	0,00	0,00	0,00	0,00	0,00	0,00	0,00	0,00	0,00	0,00	0,00	0,00	0,00	0,00	0,00	0,00	0,00	0,00	0,00	0,00	0,00	0,00	0,00	0,00	0,00	0,00	0,00	0,00
3.1.2.1	Реконструкция систем связи, всего, в том числе:	нд	0,00	0,00	0,00	0,00	0,00	0,00	0,00	0,00	0,00	0,00	0,00	0,00	0,00	0,00	0,00	0,00	0,00	0,00	0,00	0,00	0,00	0,00	0,00	0,00	0,00	0,00	0,00	0,00	0,00	0,00	0,00	0,00	0,00	0,00	0,00	0,00	0,00	0,00	0,00	0,00	0,00	0,00	0,00	0,00	0,00	0,00	0,00	0,00	0,00
3.1.2.2	Реконструкция прочих объектов, всего, в том числе:	нд	0,00	0,00	0,00	0,00	0,00	0,00	0,00	0,00	0,00	0,00	0,00	0,00	0,00	0,00	0,00	0,00	0,00	0,00	0,00	0,00	0,00	0,00	0,00	0,00	0,00	0,00	0,00	0,00	0,00	0,00	0,00	0,00	0,00	0,00	0,00	0,00	0,00	0,00	0,00	0,00	0,00	0,00	0,00	0,00	0,00	0,00	0,00	0,00	0,00
3.1.3	Модернизация, техническое перевооружение зданий (сооружений), всего, в том числе:	нд	0,00	0,00	0,00	0,00	0,00	0,00	0,00	0,00	0,00	0,00	0,00	0,00	0,00	0,00	0,00	0,00	0,00	0,00	0,00	0,00	0,00	0,00	0,00	0,00	0,00	0,00	0,00	0,00	0,00	0,00	0,00	0,00	0,00	0,00	0,00	0,00	0,00	0,00	0,00	0,00	0,00	0,00	0,00	0,00	0,00	0,00	0,00	0,00	0,00
3.2	Модернизация, техническое перевооружение, всего, в том числе:	нд	0,00	0,00	0,00	0,00	0,00	0,00	0,00	0,00	0,00	0,00	0,00	0,00	0,00	0,00	0,00	0,00	0,00	0,00	0,00	0,00	0,00	0,00	0,00	0,00	0,00	0,00	0,00	0,00	0,00	0,00	0,00	0,00	0,00	0,00	0,00	0,00	0,00	0,00	0,00	0,00	0,00	0,00	0,00	0,00	0,00	0,00	0,00	0,00	0,00
3.2.1	Модернизация, техническое перевооружение производственно-технических (административных) зданий (сооружений), всего, в том числе:	нд	0,00	0,00	0,00	0,00	0,00	0,00	0,00	0,00	0,00	0,00	0,00	0,00	0,00	0,00	0,00	0,00	0,00	0,00	0,00	0,00	0,00	0,00	0,00	0,00	0,00	0,00	0,00	0,00	0,00	0,00	0,00	0,00	0,00	0,00	0,00	0,00	0,00	0,00	0,00	0,00	0,00	0,00	0,00	0,00	0,00	0,00	0,00	0,00	0,00
3.2.2	Модернизация, техническое перевооружение информационно-вычислительных систем, всего, в том числе:	нд	0,00	0,00	0,00	0,00	0,00	0,00	0,00	0,00	0,00	0,00	0,00	0,00	0,00	0,00	0,00	0,00	0,00	0,00	0,00	0,00	0,00	0,00	0,00	0,00	0,00	0,00	0,00	0,00	0,00	0,00	0,00	0,00	0,00	0,00	0,00	0,00	0,00	0,00	0,00	0,00	0,00	0,00	0,00	0,00	0,00	0,00	0,00	0,00	0,00
3.2.3	Модернизация для электрических сетей, всего, в том числе:	нд	0,00	0,00	0,00	0,00	0,00	0,00	0,00	0,00	0,00	0,00	0,00	0,00	0,00	0,00	0,00	0,00	0,00	0,00	0,00	0,00	0,00	0,00	0,00	0,00	0,00	0,00	0,00	0,00	0,00	0,00	0,00	0,00	0,00	0,00	0,00	0,00	0,00	0,00	0,00	0,00	0,00	0,00	0,00	0,00	0,00	0,00	0,00	0,00	0,00
3.2.4	Модернизация прочих объектов основных средств, всего, в том числе:	нд	0,00	0,00	0,00	0,00	0,00	0,00	0,00	0,00	0,00	0,00	0,00	0,00	0,00	0,00	0,00	0,00	0,00	0,00	0,00	0,00	0,00	0,00	0,00	0,00	0,00	0,00	0,00	0,00	0,00	0,00	0,00	0,00	0,00	0,00	0,00	0,00	0,00	0,00	0,00	0,00	0,00	0,00	0,00	0,00	0,00	0,00	0,00	0,00	0,00
3.3	Новое строительство, всего, в том числе:	нд	0,00	0,00	0,00	0,00	0,00	0,00	0,00	0,00	0,00	0,00	0,00	0,00	0,00	0,00	0,00	0,00	0,00	0,00	0,00	0,00	0,00	0,00	0,00	0,00	0,00	0,00	0,00	0,00	0,00	0,00	0,00	0,00	0,00	0,00	0,00	0,00	0,00	0,00	0,00	0,00	0,00	0,00	0,00	0,00	0,00	0,00	0,00	0,00	0,00
3.3.1	Новое строительство зданий, сооружений, всего, в том числе:	нд	0,00	0,00	0,00	0,00	0,00	0,00	0,00	0,00	0,00	0,00	0,00	0,00	0,00	0,00	0,00	0,00	0,00	0,00	0,00	0,00	0,00	0,00	0,00	0,00	0,00	0,00	0,00	0,00	0,00	0,00	0,00	0,00	0,00	0,00	0,00	0,00	0,00	0,00	0,00	0,00	0,00	0,00	0,00	0,00	0,00	0,00	0,00	0,00	0,00
3.3.1.1	Новое строительство производственно-технических зданий, всего, в том числе:	нд	0,00	0,00	0,00	0,00	0,00	0,00	0,00	0,00	0,00	0,00	0,00	0,00	0,00	0,00	0,00	0,00	0,00	0,00	0,00	0,00	0,00	0,00	0,00	0,00	0,00	0,00	0,00	0,00	0,00	0,00	0,00	0,00	0,00	0,00	0,00	0,00	0,00	0,00	0,00	0,00	0,00	0,00	0,00	0,00	0,00	0,00	0,00	0,00	0,00
3.3.1.2	Новое строительство информационно-вычислительных систем, всего, в том числе:	нд	0,00	0,00	0,00	0,00	0,00	0,00	0,00	0,00	0,00	0,00	0,00	0,00	0,00	0,00	0,00	0,00	0,00	0,00	0,00	0,00	0,00	0,00	0,00	0,00	0,00	0,00	0,00	0,00	0,00	0,00	0,00	0,00	0,00	0,00	0,00	0,00	0,00	0,00	0,00	0,00	0,00	0,00	0,00	0,00	0,00	0,00	0,00	0,00	0,00
3.3.1.3	Новое строительство прочих объектов основных средств, всего, в том числе:	нд	0,00	0,00	0,00	0,00	0,00	0,00	0,00	0,00	0,00	0,00	0,00	0,00	0,00	0,00	0,00	0,00	0,00	0,00	0,00	0,00	0,00	0,00	0,00	0,00	0,00	0,00	0,00	0,00	0,00	0,00	0,00	0,00	0,00	0,00	0,00	0,00	0,00	0,00	0,00	0,00	0,00	0,00	0,00	0,00	0,00	0,00	0,00	0,00	0,00
3.3.1.4	Создание, приобретение прочих объектов основных средств, всего, в том числе:	нд	0,00	0,00	0,00	0,00	0,00	0,00	0,00	0,00	0,00	0,00	0,00	0,00	0,00	0,00	0,00	0,00	0,00	0,00	0,00	0,00	0,00	0,00	0,00	0,00	0,00	0,00	0,00	0,00	0,00	0,00	0,00	0,00	0,00	0,00	0,00	0,00	0,00	0,00	0,00	0,00	0,00	0,00	0,00	0,00	0,00	0,00	0,00	0,00	0,00
3.3.2	Создание, приобретение объектов, всего, в том числе:	нд	0,00	0,00	0,00	0,00	0,00	0,00	0,00	0,00	0,00	0,00	0,00	0,00	0,00	0,00	0,00	0,00	0,00	0,00	0,00	0,00	0,00	0,00	0,00	0,00	0,00	0,00	0,00	0,00	0,00	0,00	0,00	0,00	0,00	0,00	0,00	0,00	0,00	0,00	0,00	0,00	0,00	0,00	0,00	0,00	0,00	0,00	0,00	0,00	0,00
3.3.2.1	Создание, приобретение транспортных средств, всего, в том числе:	нд	0,00	0,00	0,00	0,00	0,00	0,00	0,00	0,00	0,00	0,00	0,00	0,00	0,00	0,00	0,00	0,00	0,00	0,00	0,00	0,00	0,00	0,00	0,00	0,00	0,00	0,00	0,00	0,00	0,00	0,00	0,00	0,00	0,00	0,00	0,00	0,00	0,00	0,00	0,00	0,00	0,00	0,00	0,00	0,00	0,00	0,00	0,00	0,00	0,00
3.3.2.2	Создание, приобретение прочих объектов основных средств, всего, в том числе:	нд	0,00	0,00	0,00	0,00	0,00	0,00	0,00	0,00	0,00	0,00	0,00	0,00	0,00	0,00	0,00	0,00	0,00	0,00	0,00	0,00	0,00	0,00	0,00	0,00	0,00	0,00	0,00	0,00	0,00	0,00	0,00	0,00	0,00	0,00	0,00	0,00	0,00	0,00	0,00	0,00	0,00	0,00	0,00	0,00	0,00	0,00	0,00	0,00	0,00
3.4	Прочие инвестиционные проекты, всего, в том числе:	нд	0,00	0,00	0,00	0,00	0,00	0,00	0,00	0,00	0,00	0,00	0,00	0,00	0,00	0,00	0,00	0,00	0,00	0,00	0,00	0,00	0,00	0,00	0,00	0,00	0,00	0,00	0,00	0,00	0,00	0,00	0,00	0,00	0,00	0,00	0,00	0,00	0,00	0,00	0,00	0,00	0,00	0,00	0,00	0,00	0,00	0,00	0,00	0,00	0,00
3.5	Иные инвестиционные проекты, всего, в том числе:	нд	0,00	0,00	0,00	0,00	0,00	0,00	0,00	0,00	0,00	0,00	0,00	0,00	0,00	0,00	0,00	0,00	0,00	0,00	0,00	0,00	0,00	0,00	0,00	0,00	0,00	0,00	0,00	0,00	0,00	0,00	0,00	0,00	0,00	0,00	0,00	0,00	0,00	0,00	0,00	0,00	0,00	0,00	0,00	0,00	0,00	0,00	0,00	0,00	0,00
11
